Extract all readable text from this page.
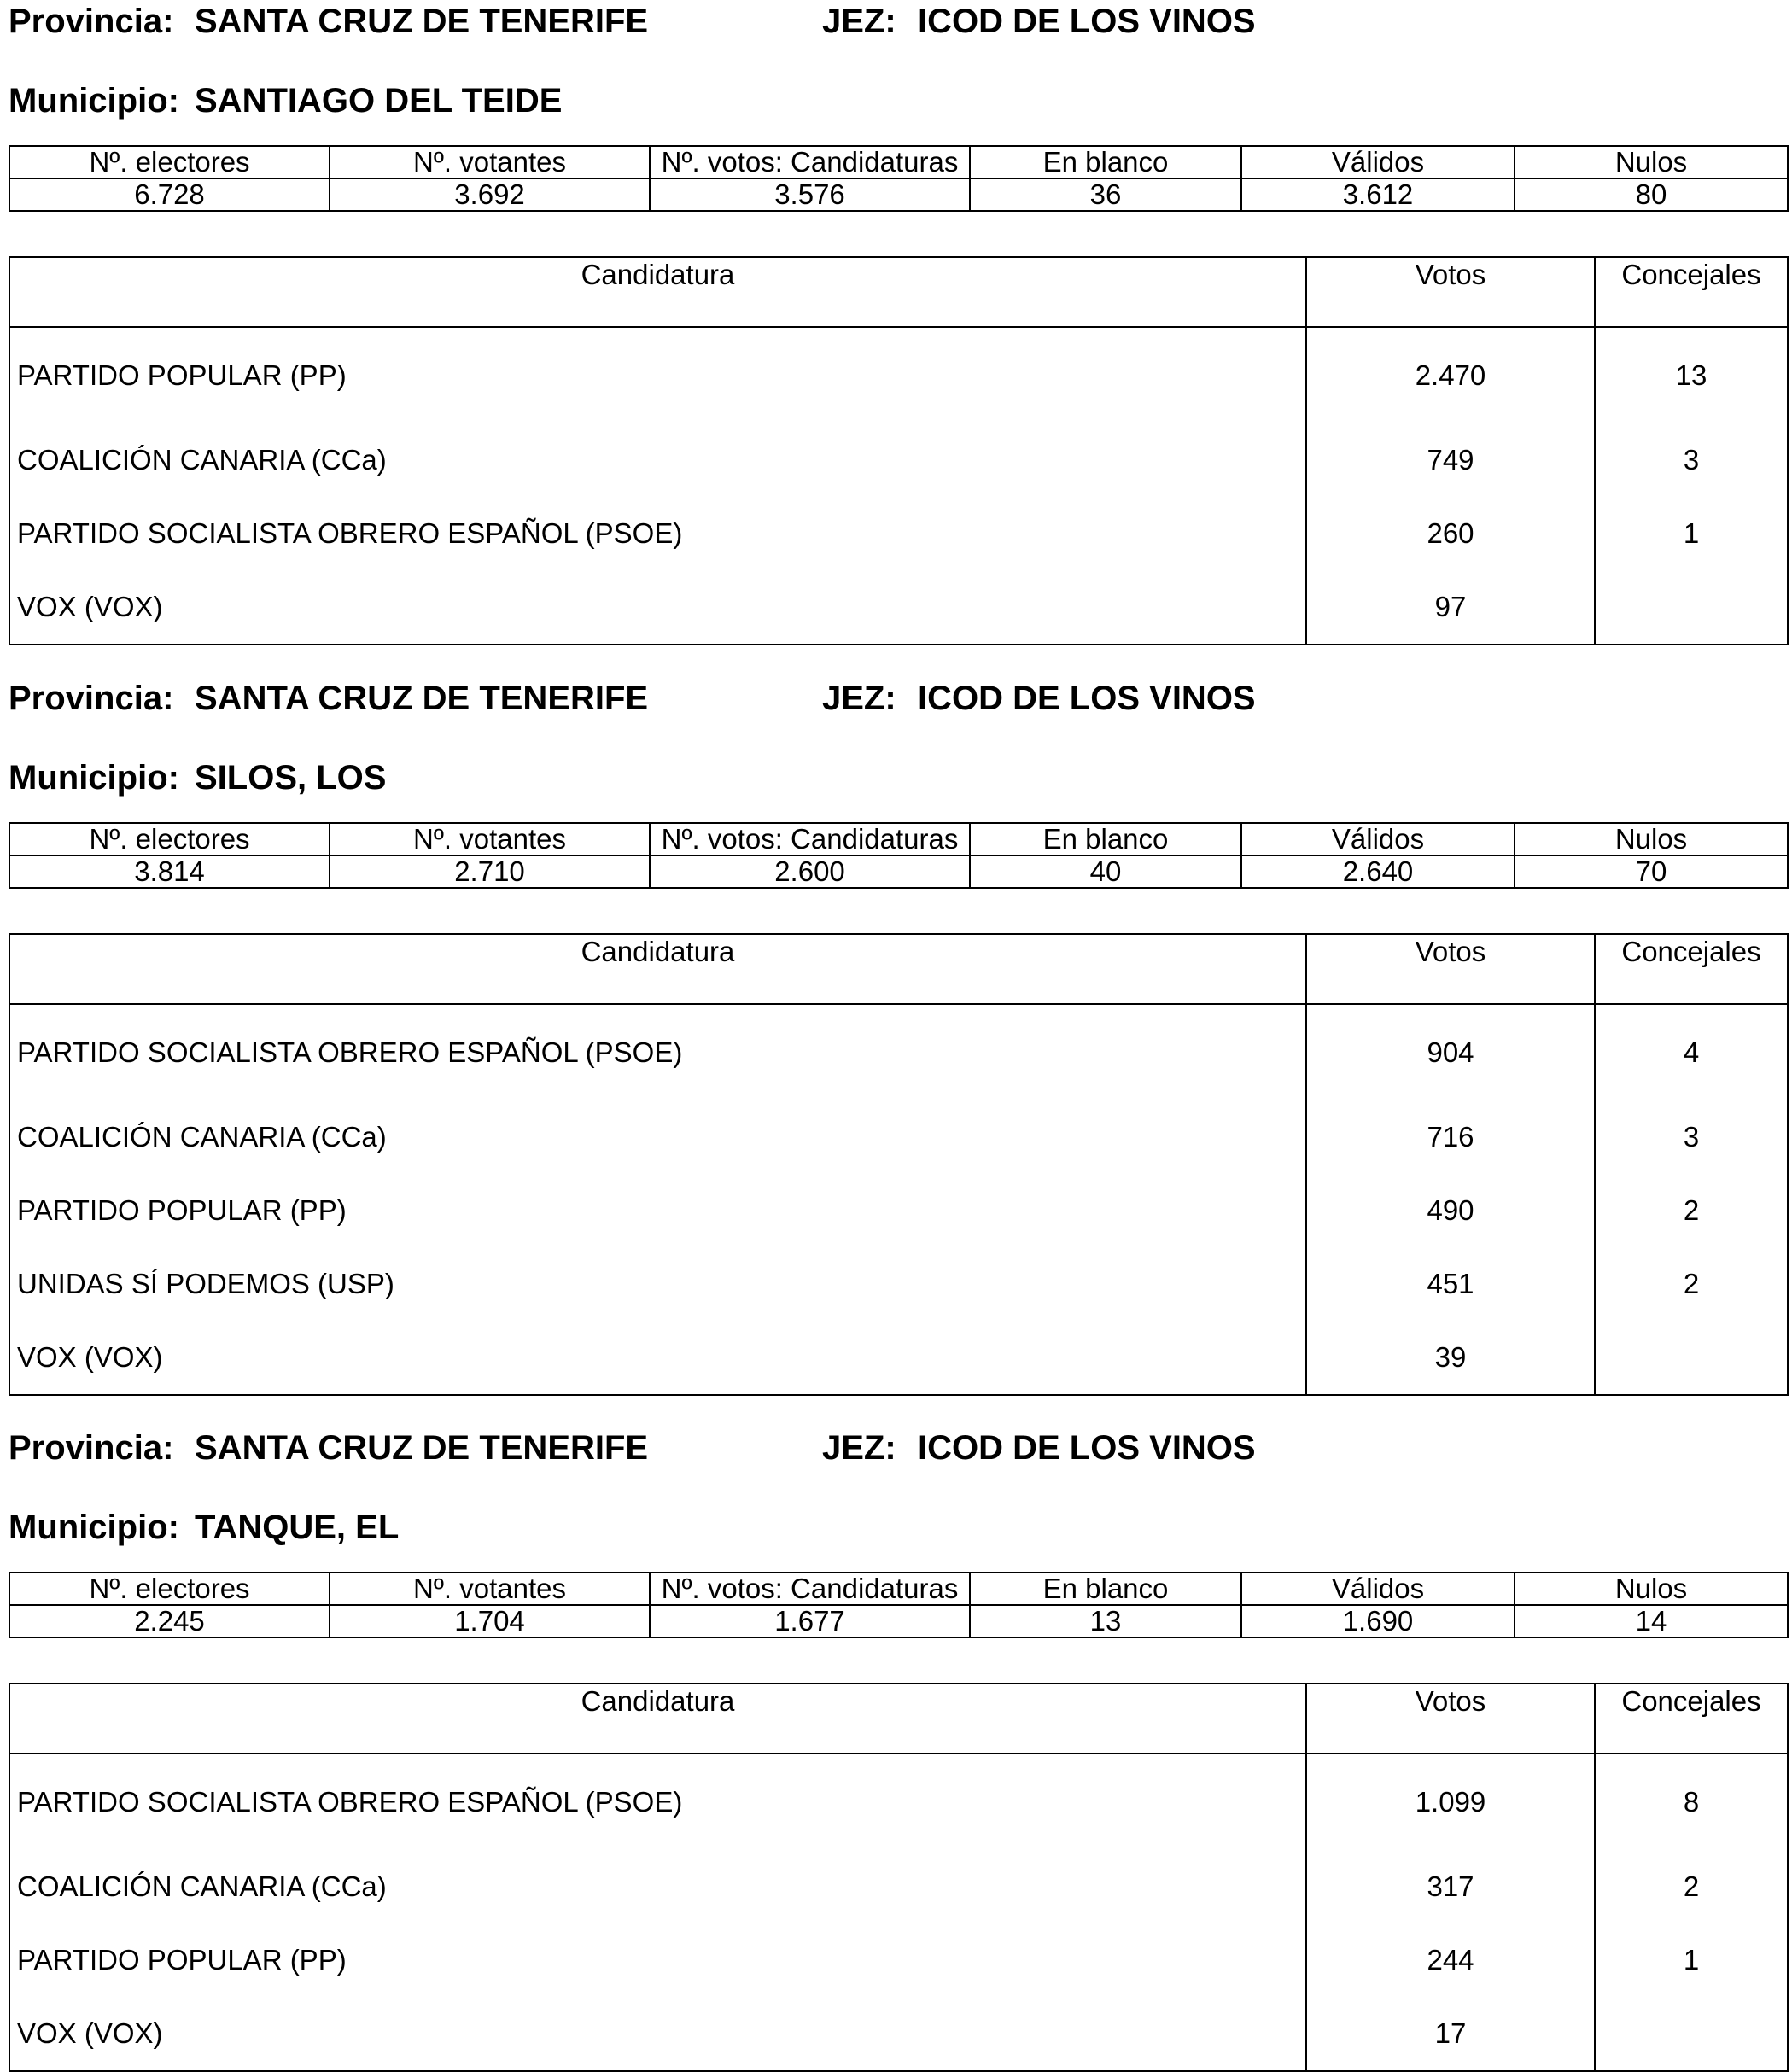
Provincia: SANTA CRUZ DE TENERIFE	JEZ: ICOD DE LOS VINOS
Municipio: SANTIAGO DEL TEIDE
Nº. electores	Nº. votantes	Nº. votos: Candidaturas	En blanco	Válidos	Nulos
6.728	3.692	3.576	36	3.612	80
Candidatura	Votos	Concejales
PARTIDO POPULAR (PP)	2.470	13
COALICIÓN CANARIA (CCa)	749	3
PARTIDO SOCIALISTA OBRERO ESPAÑOL (PSOE)	260	1
VOX (VOX)	97	
Provincia: SANTA CRUZ DE TENERIFE	JEZ: ICOD DE LOS VINOS
Municipio: SILOS, LOS
Nº. electores	Nº. votantes	Nº. votos: Candidaturas	En blanco	Válidos	Nulos
3.814	2.710	2.600	40	2.640	70
Candidatura	Votos	Concejales
PARTIDO SOCIALISTA OBRERO ESPAÑOL (PSOE)	904	4
COALICIÓN CANARIA (CCa)	716	3
PARTIDO POPULAR (PP)	490	2
UNIDAS SÍ PODEMOS (USP)	451	2
VOX (VOX)	39	
Provincia: SANTA CRUZ DE TENERIFE	JEZ: ICOD DE LOS VINOS
Municipio: TANQUE, EL
Nº. electores	Nº. votantes	Nº. votos: Candidaturas	En blanco	Válidos	Nulos
2.245	1.704	1.677	13	1.690	14
Candidatura	Votos	Concejales
PARTIDO SOCIALISTA OBRERO ESPAÑOL (PSOE)	1.099	8
COALICIÓN CANARIA (CCa)	317	2
PARTIDO POPULAR (PP)	244	1
VOX (VOX)	17	
